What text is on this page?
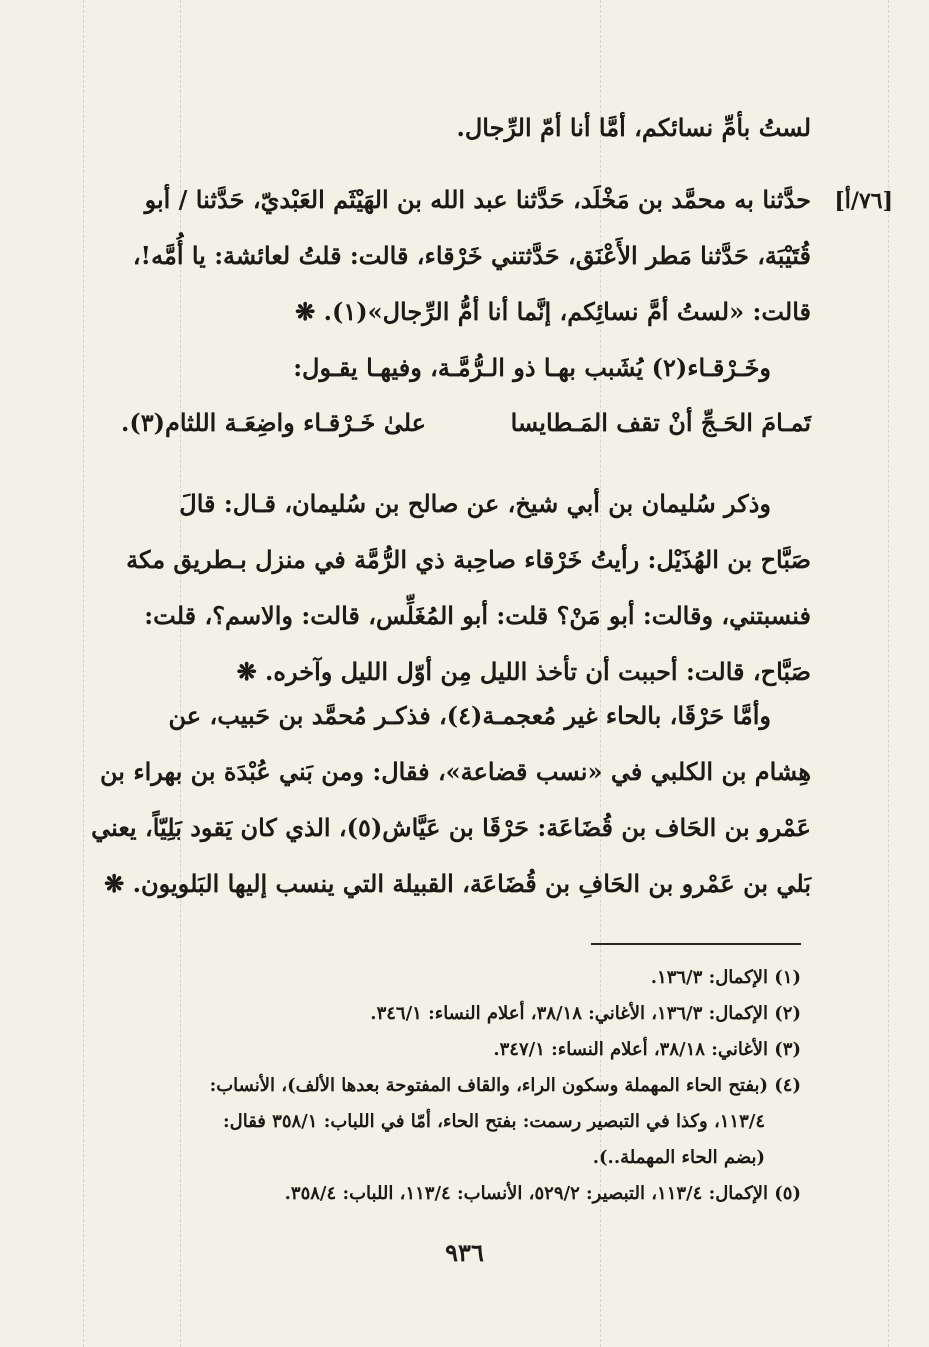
لستُ بأمِّ نسائكم، أمَّا أنا أمّ الرِّجال.
[٧٦/أ]
حدَّثنا به محمَّد بن مَخْلَد، حَدَّثنا عبد الله بن الهَيْثَم العَبْديّ، حَدَّثنا / أبو
قُتَيْبَة، حَدَّثنا مَطر الأَعْنَق، حَدَّثتني خَرْقاء، قالت: قلتُ لعائشة: يا أُمَّه!،
قالت: «لستُ أمَّ نسائِكم، إنَّما أنا أمُّ الرِّجال»(١). ❋
وخَـرْقـاء(٢) يُشَبب بهـا ذو الـرُّمَّـة، وفيهـا يقـول:
تَمـامَ الحَـجِّ أنْ تقف المَـطايسا
علىٰ خَـرْقـاء واضِعَـة اللثام(٣).
وذكر سُليمان بن أبي شيخ، عن صالح بن سُليمان، قـال: قالَ
صَبَّاح بن الهُذَيْل: رأيتُ خَرْقاء صاحِبة ذي الرُّمَّة في منزل بـطريق مكة
فنسبتني، وقالت: أبو مَنْ؟ قلت: أبو المُغَلِّس، قالت: والاسم؟، قلت:
صَبَّاح، قالت: أحببت أن تأخذ الليل مِن أوّل الليل وآخره. ❋
وأمَّا حَرْقَا، بالحاء غير مُعجمـة(٤)، فذكـر مُحمَّد بن حَبيب، عن
هِشام بن الكلبي في «نسب قضاعة»، فقال: ومن بَني عُبْدَة بن بهراء بن
عَمْرو بن الحَاف بن قُضَاعَة: حَرْقَا بن عَيَّاش(٥)، الذي كان يَقود بَلِيّاً، يعني
بَلي بن عَمْرو بن الحَافِ بن قُضَاعَة، القبيلة التي ينسب إليها البَلويون. ❋
(١) الإكمال: ١٣٦/٣.
(٢) الإكمال: ١٣٦/٣، الأغاني: ٣٨/١٨، أعلام النساء: ٣٤٦/١.
(٣) الأغاني: ٣٨/١٨، أعلام النساء: ٣٤٧/١.
(٤) (بفتح الحاء المهملة وسكون الراء، والقاف المفتوحة بعدها الألف)، الأنساب:
١١٣/٤، وكذا في التبصير رسمت: بفتح الحاء، أمّا في اللباب: ٣٥٨/١ فقال:
(بضم الحاء المهملة..).
(٥) الإكمال: ١١٣/٤، التبصير: ٥٢٩/٢، الأنساب: ١١٣/٤، اللباب: ٣٥٨/٤.
٩٣٦
